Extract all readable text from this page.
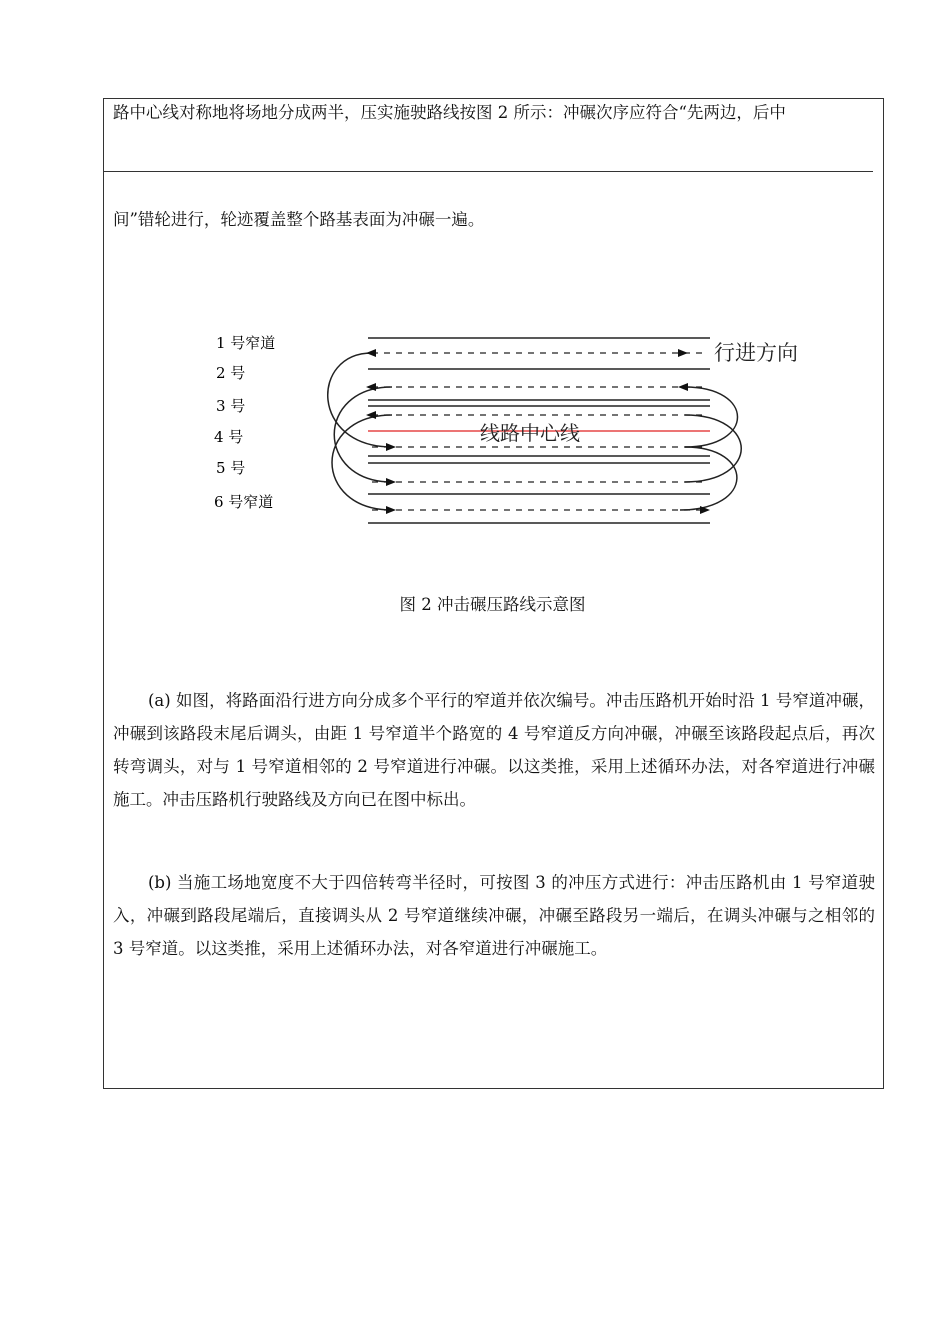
路中心线对称地将场地分成两半，压实施驶路线按图 2 所示：冲碾次序应符合“先两边，后中
间”错轮进行，轮迹覆盖整个路基表面为冲碾一遍。
1 号窄道
2 号
3 号
4 号
5 号
6 号窄道
行进方向
线路中心线
图 2 冲击碾压路线示意图
(a) 如图，将路面沿行进方向分成多个平行的窄道并依次编号。冲击压路机开始时沿 1 号窄道冲碾，冲碾到该路段末尾后调头，由距 1 号窄道半个路宽的 4 号窄道反方向冲碾，冲碾至该路段起点后，再次转弯调头，对与 1 号窄道相邻的 2 号窄道进行冲碾。以这类推，采用上述循环办法，对各窄道进行冲碾施工。冲击压路机行驶路线及方向已在图中标出。
(b) 当施工场地宽度不大于四倍转弯半径时，可按图 3 的冲压方式进行：冲击压路机由 1 号窄道驶入，冲碾到路段尾端后，直接调头从 2 号窄道继续冲碾，冲碾至路段另一端后，在调头冲碾与之相邻的 3 号窄道。以这类推，采用上述循环办法，对各窄道进行冲碾施工。
